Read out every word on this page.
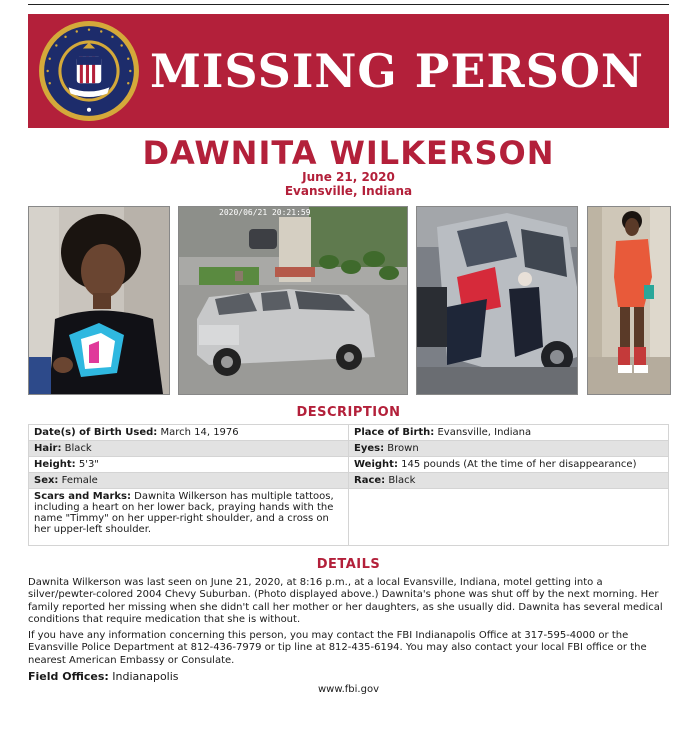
MISSING PERSON
DAWNITA WILKERSON
June 21, 2020
Evansville, Indiana
2020/06/21 20:21:59
DESCRIPTION
Date(s) of Birth Used: March 14, 1976	Place of Birth: Evansville, Indiana
Hair: Black	Eyes: Brown
Height: 5'3"	Weight: 145 pounds (At the time of her disappearance)
Sex: Female	Race: Black
Scars and Marks: Dawnita Wilkerson has multiple tattoos, including a heart on her lower back, praying hands with the name "Timmy" on her upper-right shoulder, and a cross on her upper-left shoulder.	
DETAILS
Dawnita Wilkerson was last seen on June 21, 2020, at 8:16 p.m., at a local Evansville, Indiana, motel getting into a silver/pewter-colored 2004 Chevy Suburban. (Photo displayed above.) Dawnita's phone was shut off by the next morning. Her family reported her missing when she didn't call her mother or her daughters, as she usually did. Dawnita has several medical conditions that require medication that she is without.
If you have any information concerning this person, you may contact the FBI Indianapolis Office at 317-595-4000 or the Evansville Police Department at 812-436-7979 or tip line at 812-435-6194. You may also contact your local FBI office or the nearest American Embassy or Consulate.
Field Offices: Indianapolis
www.fbi.gov
